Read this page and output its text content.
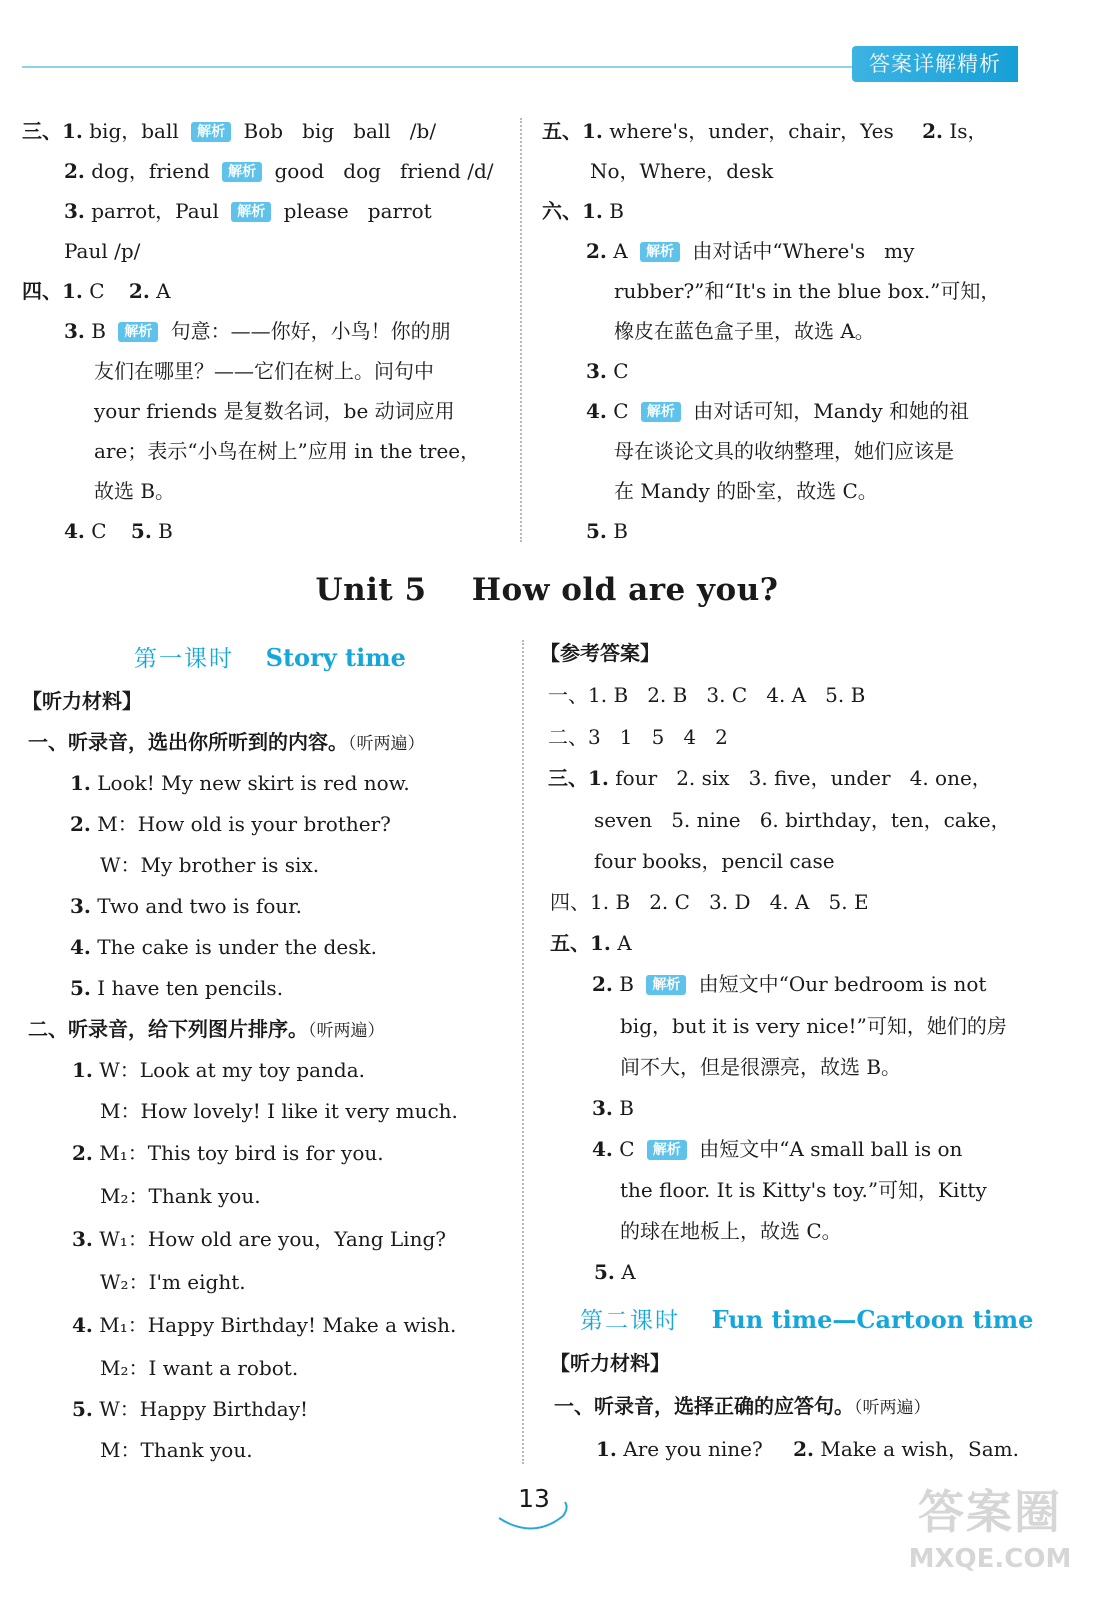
答案详解精析
三、1. big，ball 解析 Bob   big   ball   /b/
2. dog，friend 解析 good   dog   friend /d/
3. parrot，Paul 解析 please   parrot
Paul /p/
四、1. C 2. A
3. B 解析 句意：——你好，小鸟！你的朋
友们在哪里？——它们在树上。问句中
your friends 是复数名词，be 动词应用
are；表示“小鸟在树上”应用 in the tree，
故选 B。
4. C 5. B
五、1. where's，under，chair，Yes 2. Is，
No，Where，desk
六、1. B
2. A 解析 由对话中“Where's   my
rubber?”和“It's in the blue box.”可知，
橡皮在蓝色盒子里，故选 A。
3. C
4. C 解析 由对话可知，Mandy 和她的祖
母在谈论文具的收纳整理，她们应该是
在 Mandy 的卧室，故选 C。
5. B
Unit 5    How old are you?
第一课时 Story time
【听力材料】
一、听录音，选出你所听到的内容。（听两遍）
1. Look! My new skirt is red now.
2. M：How old is your brother?
W：My brother is six.
3. Two and two is four.
4. The cake is under the desk.
5. I have ten pencils.
二、听录音，给下列图片排序。（听两遍）
1. W：Look at my toy panda.
M：How lovely! I like it very much.
2. M₁：This toy bird is for you.
M₂：Thank you.
3. W₁：How old are you，Yang Ling?
W₂：I'm eight.
4. M₁：Happy Birthday! Make a wish.
M₂：I want a robot.
5. W：Happy Birthday!
M：Thank you.
【参考答案】
一、1. B   2. B   3. C   4. A   5. B
二、3   1   5   4   2
三、1. four   2. six   3. five，under   4. one，
seven   5. nine   6. birthday，ten，cake，
four books，pencil case
四、1. B   2. C   3. D   4. A   5. E
五、1. A
2. B 解析 由短文中“Our bedroom is not
big，but it is very nice!”可知，她们的房
间不大，但是很漂亮，故选 B。
3. B
4. C 解析 由短文中“A small ball is on
the floor. It is Kitty's toy.”可知，Kitty
的球在地板上，故选 C。
5. A
第二课时 Fun time—Cartoon time
【听力材料】
一、听录音，选择正确的应答句。（听两遍）
1. Are you nine? 2. Make a wish，Sam.
13	答案圈
MXQE.COM
